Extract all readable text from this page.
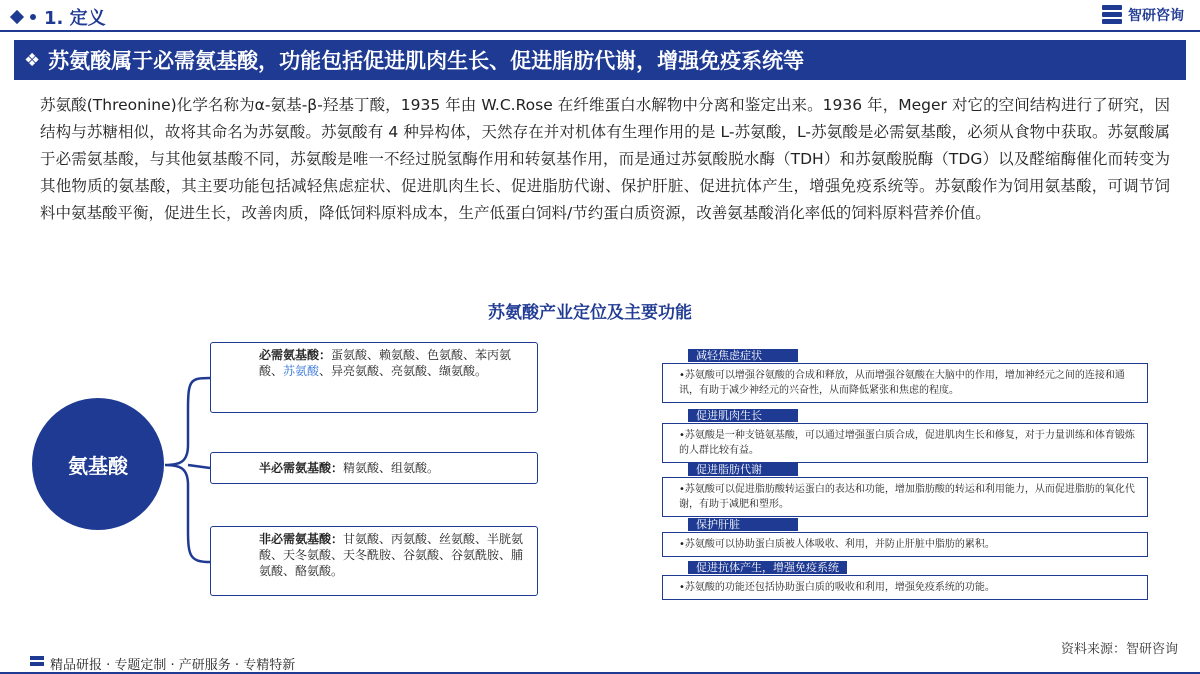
1. 定义	智研咨询
❖ 苏氨酸属于必需氨基酸，功能包括促进肌肉生长、促进脂肪代谢，增强免疫系统等

苏氨酸(Threonine)化学名称为α-氨基-β-羟基丁酸，1935 年由 W.C.Rose 在纤维蛋白水解物中分离和鉴定出来。1936 年，Meger 对它的空间结构进行了研究，因结构与苏糖相似，故将其命名为苏氨酸。苏氨酸有 4 种异构体，天然存在并对机体有生理作用的是 L-苏氨酸，L-苏氨酸是必需氨基酸，必须从食物中获取。苏氨酸属于必需氨基酸，与其他氨基酸不同，苏氨酸是唯一不经过脱氢酶作用和转氨基作用，而是通过苏氨酸脱水酶（TDH）和苏氨酸脱酶（TDG）以及醛缩酶催化而转变为其他物质的氨基酸，其主要功能包括减轻焦虑症状、促进肌肉生长、促进脂肪代谢、保护肝脏、促进抗体产生，增强免疫系统等。苏氨酸作为饲用氨基酸，可调节饲料中氨基酸平衡，促进生长，改善肉质，降低饲料原料成本，生产低蛋白饲料/节约蛋白质资源，改善氨基酸消化率低的饲料原料营养价值。

苏氨酸产业定位及主要功能
氨基酸
必需氨基酸：蛋氨酸、赖氨酸、色氨酸、苯丙氨酸、苏氨酸、异亮氨酸、亮氨酸、缬氨酸。
半必需氨基酸：精氨酸、组氨酸。
非必需氨基酸：甘氨酸、丙氨酸、丝氨酸、半胱氨酸、天冬氨酸、天冬酰胺、谷氨酸、谷氨酰胺、脯氨酸、酪氨酸。
减轻焦虑症状
•苏氨酸可以增强谷氨酸的合成和释放，从而增强谷氨酸在大脑中的作用，增加神经元之间的连接和通讯，有助于减少神经元的兴奋性，从而降低紧张和焦虑的程度。
促进肌肉生长
•苏氨酸是一种支链氨基酸，可以通过增强蛋白质合成，促进肌肉生长和修复，对于力量训练和体育锻炼的人群比较有益。
促进脂肪代谢
•苏氨酸可以促进脂肪酸转运蛋白的表达和功能，增加脂肪酸的转运和利用能力，从而促进脂肪的氧化代谢，有助于减肥和塑形。
保护肝脏
•苏氨酸可以协助蛋白质被人体吸收、利用，并防止肝脏中脂肪的累积。
促进抗体产生，增强免疫系统
•苏氨酸的功能还包括协助蛋白质的吸收和利用，增强免疫系统的功能。
资料来源：智研咨询
精品研报 · 专题定制 · 产研服务 · 专精特新
